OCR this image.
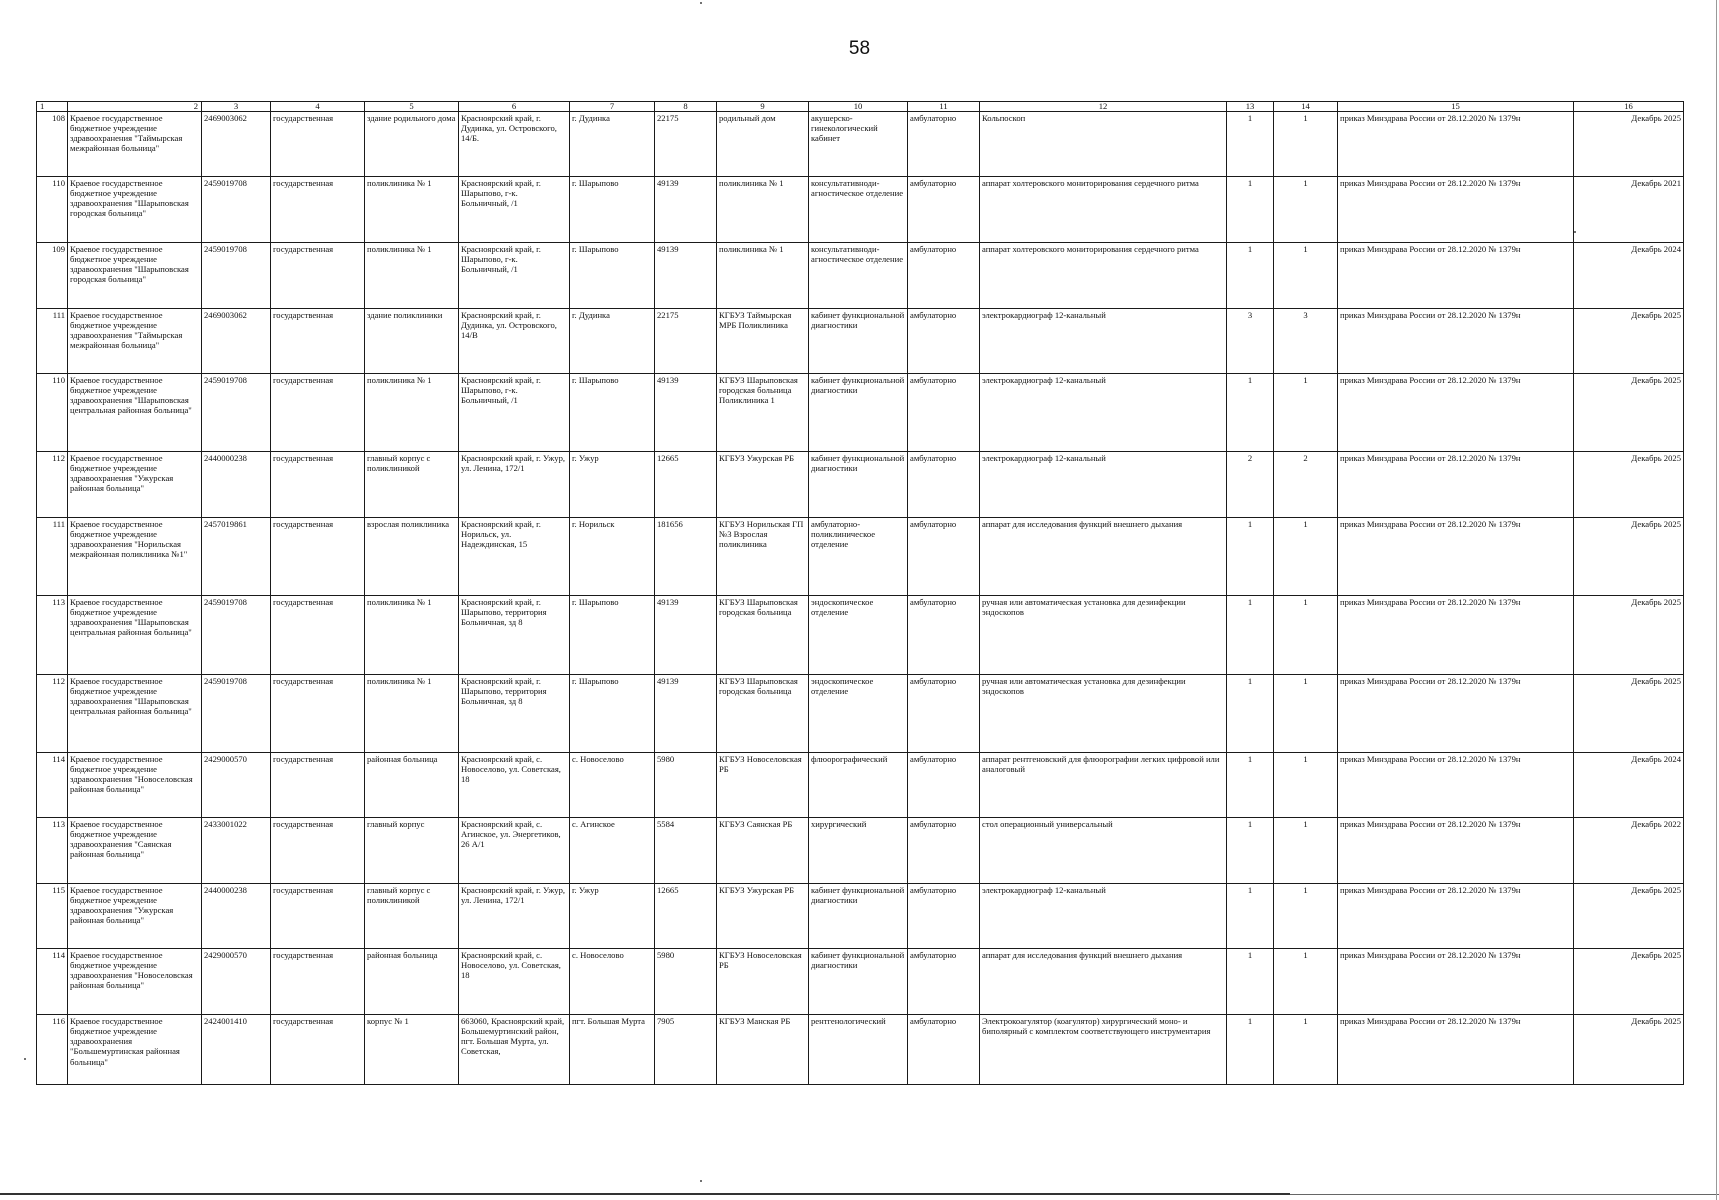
58
1	2	3	4	5	6	7	8	9	10	11	12	13	14	15	16
108	Краевое государственное бюджетное учреждение здравоохранения "Таймырская межрайонная больница"	2469003062	государственная	здание родильного дома	Красноярский край, г. Дудинка, ул. Островского, 14/Б.	г. Дудинка	22175	родильный дом	акушерско-гинекологический кабинет	амбулаторно	Кольпоскоп	1	1	приказ Минздрава России от 28.12.2020 № 1379н	Декабрь 2025
110	Краевое государственное бюджетное учреждение здравоохранения "Шарыповская городская больница"	2459019708	государственная	поликлиника № 1	Красноярский край, г. Шарыпово, г-к. Больничный, /1	г. Шарыпово	49139	поликлиника № 1	консультативноди-агностическое отделение	амбулаторно	аппарат холтеровского мониторирования сердечного ритма	1	1	приказ Минздрава России от 28.12.2020 № 1379н	Декабрь 2021
109	Краевое государственное бюджетное учреждение здравоохранения "Шарыповская городская больница"	2459019708	государственная	поликлиника № 1	Красноярский край, г. Шарыпово, г-к. Больничный, /1	г. Шарыпово	49139	поликлиника № 1	консультативноди-агностическое отделение	амбулаторно	аппарат холтеровского мониторирования сердечного ритма	1	1	приказ Минздрава России от 28.12.2020 № 1379н	Декабрь 2024
111	Краевое государственное бюджетное учреждение здравоохранения "Таймырская межрайонная больница"	2469003062	государственная	здание поликлиники	Красноярский край, г. Дудинка, ул. Островского, 14/В	г. Дудинка	22175	КГБУЗ Таймырская МРБ Поликлиника	кабинет функциональной диагностики	амбулаторно	электрокардиограф 12-канальный	3	3	приказ Минздрава России от 28.12.2020 № 1379н	Декабрь 2025
110	Краевое государственное бюджетное учреждение здравоохранения "Шарыповская центральная районная больница"	2459019708	государственная	поликлиника № 1	Красноярский край, г. Шарыпово, г-к. Больничный, /1	г. Шарыпово	49139	КГБУЗ Шарыповская городская больница Поликлиника 1	кабинет функциональной диагностики	амбулаторно	электрокардиограф 12-канальный	1	1	приказ Минздрава России от 28.12.2020 № 1379н	Декабрь 2025
112	Краевое государственное бюджетное учреждение здравоохранения "Ужурская районная больница"	2440000238	государственная	главный корпус с поликлиникой	Красноярский край, г. Ужур, ул. Ленина, 172/1	г. Ужур	12665	КГБУЗ Ужурская РБ	кабинет функциональной диагностики	амбулаторно	электрокардиограф 12-канальный	2	2	приказ Минздрава России от 28.12.2020 № 1379н	Декабрь 2025
111	Краевое государственное бюджетное учреждение здравоохранения "Норильская межрайонная поликлиника №1"	2457019861	государственная	взрослая поликлиника	Красноярский край, г. Норильск, ул. Надеждинская, 15	г. Норильск	181656	КГБУЗ Норильская ГП №3 Взрослая поликлиника	амбулаторно-поликлиническое отделение	амбулаторно	аппарат для исследования функций внешнего дыхания	1	1	приказ Минздрава России от 28.12.2020 № 1379н	Декабрь 2025
113	Краевое государственное бюджетное учреждение здравоохранения "Шарыповская центральная районная больница"	2459019708	государственная	поликлиника № 1	Красноярский край, г. Шарыпово, территория Больничная, зд 8	г. Шарыпово	49139	КГБУЗ Шарыповская городская больница	эндоскопическое отделение	амбулаторно	ручная или автоматическая установка для дезинфекции эндоскопов	1	1	приказ Минздрава России от 28.12.2020 № 1379н	Декабрь 2025
112	Краевое государственное бюджетное учреждение здравоохранения "Шарыповская центральная районная больница"	2459019708	государственная	поликлиника № 1	Красноярский край, г. Шарыпово, территория Больничная, зд 8	г. Шарыпово	49139	КГБУЗ Шарыповская городская больница	эндоскопическое отделение	амбулаторно	ручная или автоматическая установка для дезинфекции эндоскопов	1	1	приказ Минздрава России от 28.12.2020 № 1379н	Декабрь 2025
114	Краевое государственное бюджетное учреждение здравоохранения "Новоселовская районная больница"	2429000570	государственная	районная больница	Красноярский край, с. Новоселово, ул. Советская, 18	с. Новоселово	5980	КГБУЗ Новоселовская РБ	флюорографический	амбулаторно	аппарат рентгеновский для флюорографии легких цифровой или аналоговый	1	1	приказ Минздрава России от 28.12.2020 № 1379н	Декабрь 2024
113	Краевое государственное бюджетное учреждение здравоохранения "Саянская районная больница"	2433001022	государственная	главный корпус	Красноярский край, с. Агинское, ул. Энергетиков, 26 А/1	с. Агинское	5584	КГБУЗ Саянская РБ	хирургический	амбулаторно	стол операционный универсальный	1	1	приказ Минздрава России от 28.12.2020 № 1379н	Декабрь 2022
115	Краевое государственное бюджетное учреждение здравоохранения "Ужурская районная больница"	2440000238	государственная	главный корпус с поликлиникой	Красноярский край, г. Ужур, ул. Ленина, 172/1	г. Ужур	12665	КГБУЗ Ужурская РБ	кабинет функциональной диагностики	амбулаторно	электрокардиограф 12-канальный	1	1	приказ Минздрава России от 28.12.2020 № 1379н	Декабрь 2025
114	Краевое государственное бюджетное учреждение здравоохранения "Новоселовская районная больница"	2429000570	государственная	районная больница	Красноярский край, с. Новоселово, ул. Советская, 18	с. Новоселово	5980	КГБУЗ Новоселовская РБ	кабинет функциональной диагностики	амбулаторно	аппарат для исследования функций внешнего дыхания	1	1	приказ Минздрава России от 28.12.2020 № 1379н	Декабрь 2025
116	Краевое государственное бюджетное учреждение здравоохранения "Большемуртинская районная больница"	2424001410	государственная	корпус № 1	663060, Красноярский край, Большемуртинский район, пгт. Большая Мурта, ул. Советская,	пгт. Большая Мурта	7905	КГБУЗ Манская РБ	рентгенологический	амбулаторно	Электрокоагулятор (коагулятор) хирургический моно- и биполярный с комплектом соответствующего инструментария	1	1	приказ Минздрава России от 28.12.2020 № 1379н	Декабрь 2025
